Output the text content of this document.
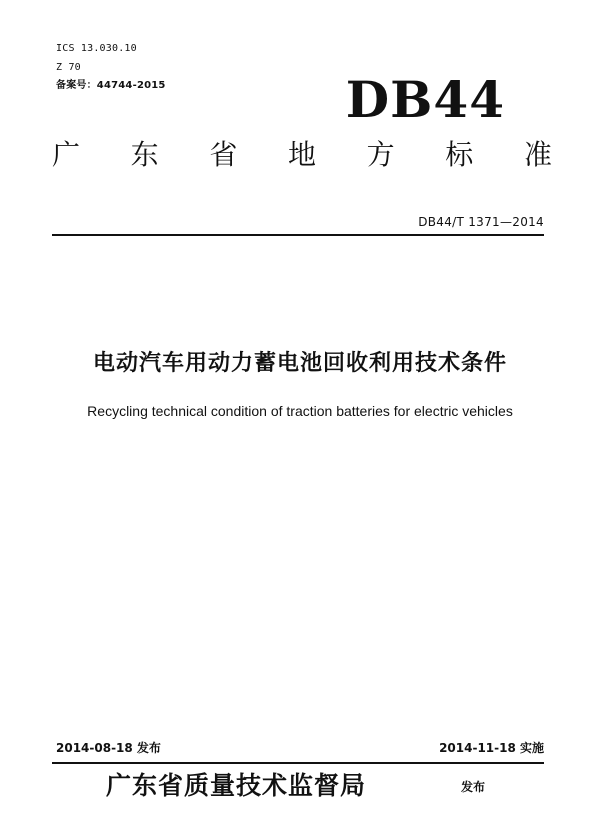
ICS 13.030.10
Z 70
备案号：44744-2015	DB44
广 东 省 地 方 标 准
DB44/T 1371—2014
电动汽车用动力蓄电池回收利用技术条件
Recycling technical condition of traction batteries for electric vehicles
2014-08-18 发布	2014-11-18 实施
广东省质量技术监督局	发布
